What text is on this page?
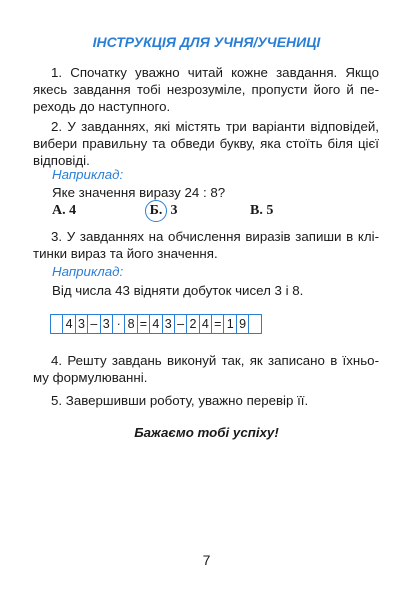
ІНСТРУКЦІЯ ДЛЯ УЧНЯ/УЧЕНИЦІ
1. Спочатку уважно читай кожне завдання. Якщо
якесь завдання тобі незрозуміле, пропусти його й пе-
реходь до наступного.
2. У завданнях, які містять три варіанти відповідей,
вибери правильну та обведи букву, яка стоїть біля цієї
відповіді.
Наприклад:
Яке значення виразу 24 : 8?
А. 4	Б. 3	В. 5
3. У завданнях на обчислення виразів запиши в клі-
тинки вираз та його значення.
Наприклад:
Від числа 43 відняти добуток чисел 3 і 8.
4 3 – 3 · 8 = 4 3 – 2 4 = 1 9
4. Решту завдань виконуй так, як записано в їхньо-
му формулюванні.
5. Завершивши роботу, уважно перевір її.
Бажаємо тобі успіху!
7
